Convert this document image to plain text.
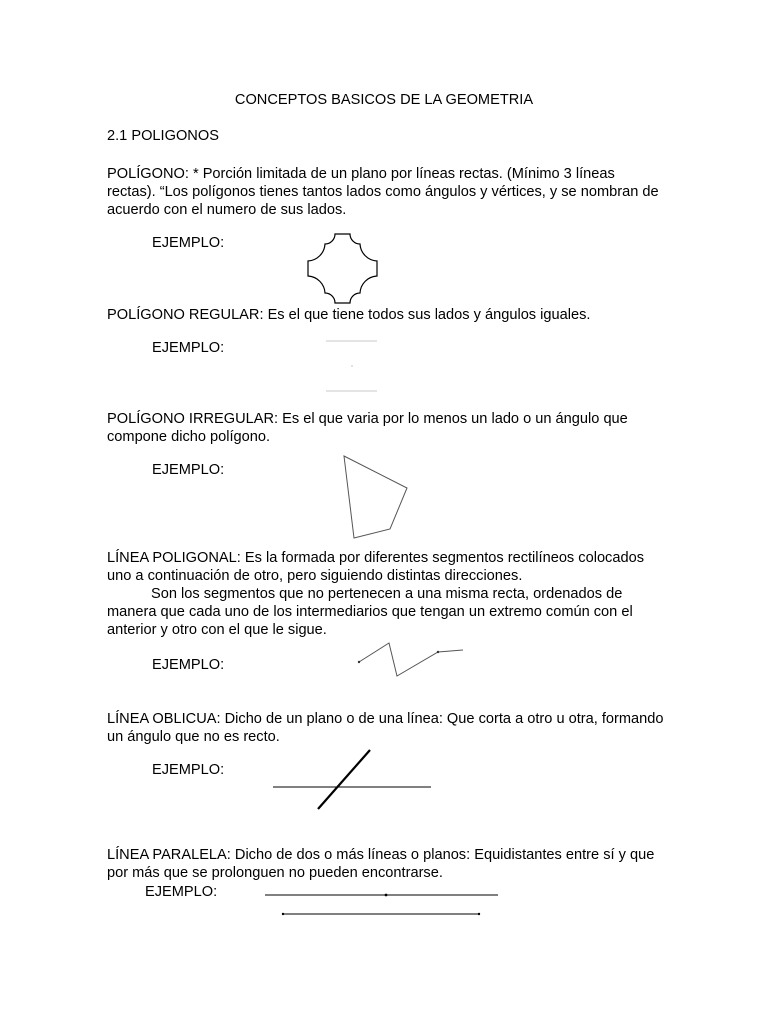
CONCEPTOS BASICOS DE LA GEOMETRIA
2.1 POLIGONOS

POLÍGONO: * Porción limitada de un plano por líneas rectas. (Mínimo 3 líneas rectas). “Los polígonos tienes tantos lados como ángulos y vértices, y se nombran de acuerdo con el numero de sus lados.

EJEMPLO:

POLÍGONO REGULAR: Es el que tiene todos sus lados y ángulos iguales.

EJEMPLO:

POLÍGONO IRREGULAR: Es el que varia por lo menos un lado o un ángulo que compone dicho polígono.

EJEMPLO:

LÍNEA POLIGONAL: Es la formada por diferentes segmentos rectilíneos colocados uno a continuación de otro, pero siguiendo distintas direcciones.

Son los segmentos que no pertenecen a una misma recta, ordenados de manera que cada uno de los intermediarios que tengan un extremo común con el anterior y otro con el que le sigue.

EJEMPLO:

LÍNEA OBLICUA: Dicho de un plano o de una línea: Que corta a otro u otra, formando un ángulo que no es recto.

EJEMPLO:

LÍNEA PARALELA: Dicho de dos o más líneas o planos: Equidistantes entre sí y que por más que se prolonguen no pueden encontrarse.

EJEMPLO:
